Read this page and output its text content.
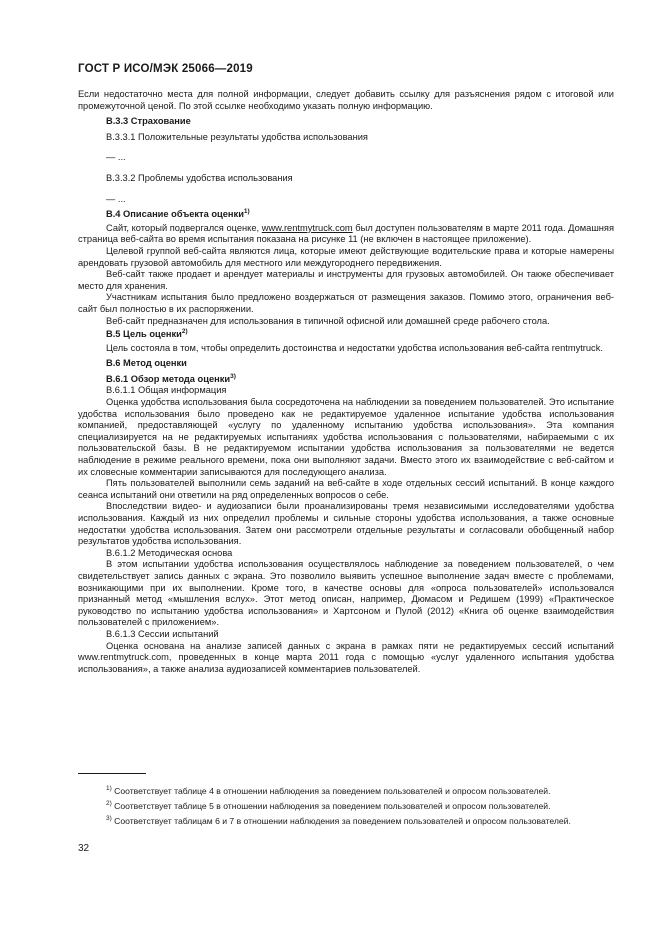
ГОСТ Р ИСО/МЭК 25066—2019

Если недостаточно места для полной информации, следует добавить ссылку для разъяснения рядом с итоговой или промежуточной ценой. По этой ссылке необходимо указать полную информацию.

B.3.3 Страхование

B.3.3.1 Положительные результаты удобства использования

— ...

B.3.3.2 Проблемы удобства использования

— ...

B.4 Описание объекта оценки$^{1)}$

Сайт, который подвергался оценке, www.rentmytruck.com был доступен пользователям в марте 2011 года. Домашняя страница веб-сайта во время испытания показана на рисунке 11 (не включен в настоящее приложение).

Целевой группой веб-сайта являются лица, которые имеют действующие водительские права и которые намерены арендовать грузовой автомобиль для местного или междугороднего передвижения.

Веб-сайт также продает и арендует материалы и инструменты для грузовых автомобилей. Он также обеспечивает место для хранения.

Участникам испытания было предложено воздержаться от размещения заказов. Помимо этого, ограничения веб-сайт был полностью в их распоряжении.

Веб-сайт предназначен для использования в типичной офисной или домашней среде рабочего стола.

B.5 Цель оценки$^{2)}$

Цель состояла в том, чтобы определить достоинства и недостатки удобства использования веб-сайта rentmytruck.

B.6 Метод оценки

B.6.1 Обзор метода оценки$^{3)}$

B.6.1.1 Общая информация

Оценка удобства использования была сосредоточена на наблюдении за поведением пользователей. Это испытание удобства использования было проведено как не редактируемое удаленное испытание удобства использования компанией, предоставляющей «услугу по удаленному испытанию удобства использования». Эта компания специализируется на не редактируемых испытаниях удобства использования с пользователями, набираемыми с их пользовательской базы. В не редактируемом испытании удобства использования за пользователями не ведется наблюдение в режиме реального времени, пока они выполняют задачи. Вместо этого их взаимодействие с веб-сайтом и их словесные комментарии записываются для последующего анализа.

Пять пользователей выполнили семь заданий на веб-сайте в ходе отдельных сессий испытаний. В конце каждого сеанса испытаний они ответили на ряд определенных вопросов о себе.

Впоследствии видео- и аудиозаписи были проанализированы тремя независимыми исследователями удобства использования. Каждый из них определил проблемы и сильные стороны удобства использования, а также основные недостатки удобства использования. Затем они рассмотрели отдельные результаты и согласовали обобщенный набор результатов удобства использования.

B.6.1.2 Методическая основа

В этом испытании удобства использования осуществлялось наблюдение за поведением пользователей, о чем свидетельствует запись данных с экрана. Это позволило выявить успешное выполнение задач вместе с проблемами, возникающими при их выполнении. Кроме того, в качестве основы для «опроса пользователей» использовался признанный метод «мышления вслух». Этот метод описан, например, Дюмасом и Редишем (1999) «Практическое руководство по испытанию удобства использования» и Хартсоном и Пулой (2012) «Книга об оценке взаимодействия пользователей с приложением».

B.6.1.3 Сессии испытаний

Оценка основана на анализе записей данных с экрана в рамках пяти не редактируемых сессий испытаний www.rentmytruck.com, проведенных в конце марта 2011 года с помощью «услуг удаленного испытания удобства использования», а также анализа аудиозаписей комментариев пользователей.

$^{1)}$ Соответствует таблице 4 в отношении наблюдения за поведением пользователей и опросом пользователей.

$^{2)}$ Соответствует таблице 5 в отношении наблюдения за поведением пользователей и опросом пользователей.

$^{3)}$ Соответствует таблицам 6 и 7 в отношении наблюдения за поведением пользователей и опросом пользователей.

32
